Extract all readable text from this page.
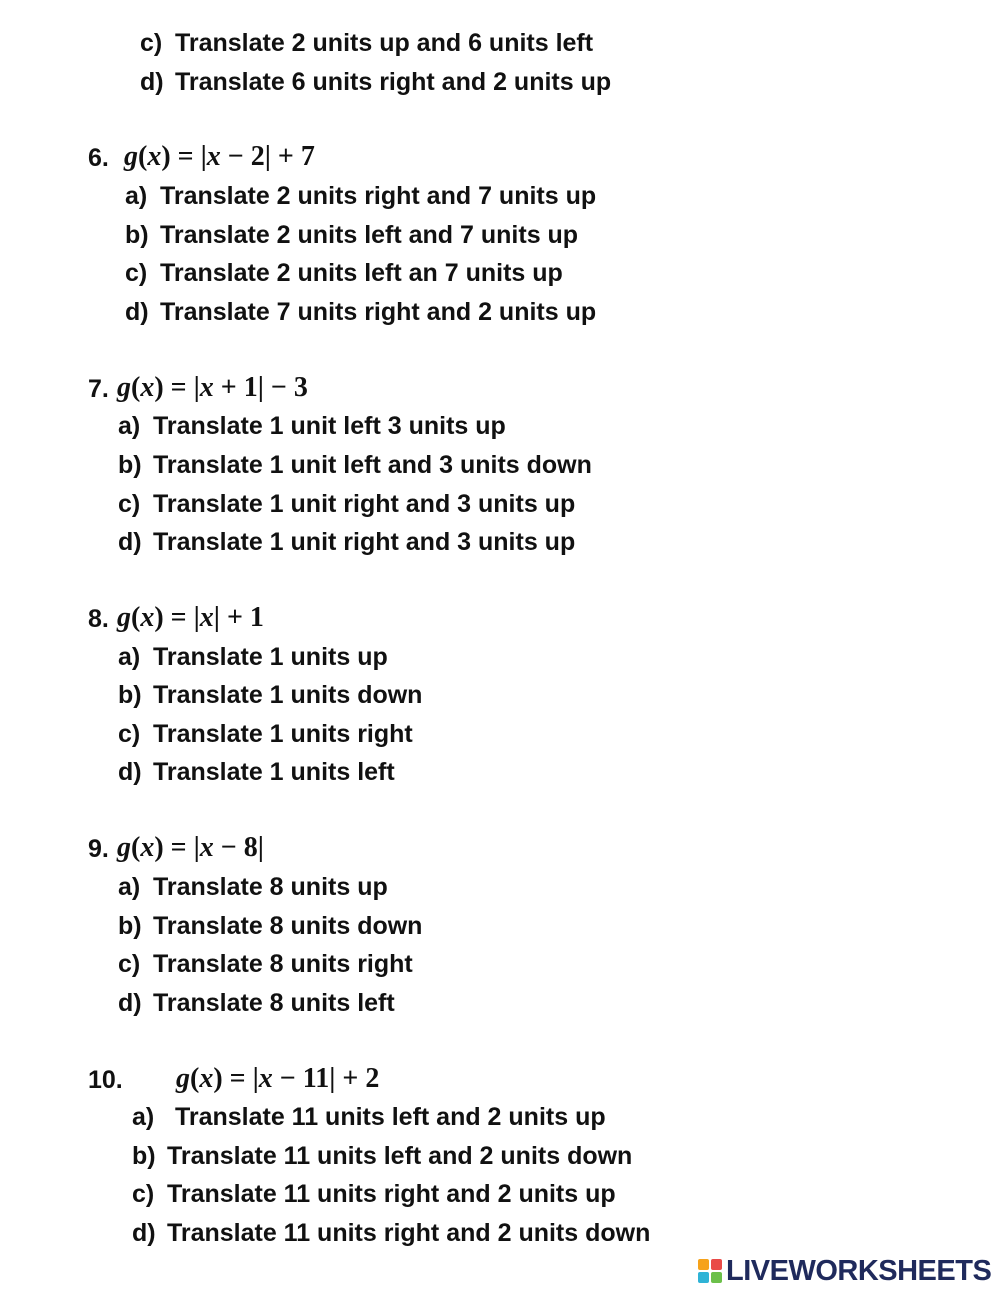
c) Translate 2 units up and 6 units left
d) Translate 6 units right and 2 units up
6. g(x) = |x − 2| + 7
a) Translate 2 units right and 7 units up
b) Translate 2 units left and 7 units up
c) Translate 2 units left an 7 units up
d) Translate 7 units right and 2 units up
7. g(x) = |x + 1| − 3
a) Translate 1 unit left 3 units up
b) Translate 1 unit left and 3 units down
c) Translate 1 unit right and 3 units up
d) Translate 1 unit right and 3 units up
8. g(x) = |x| + 1
a) Translate 1 units up
b) Translate 1 units down
c) Translate 1 units right
d) Translate 1 units left
9. g(x) = |x − 8|
a) Translate 8 units up
b) Translate 8 units down
c) Translate 8 units right
d) Translate 8 units left
10. g(x) = |x − 11| + 2
a) Translate 11 units left and 2 units up
b) Translate 11 units left and 2 units down
c) Translate 11 units right and 2 units up
d) Translate 11 units right and 2 units down
LIVEWORKSHEETS
